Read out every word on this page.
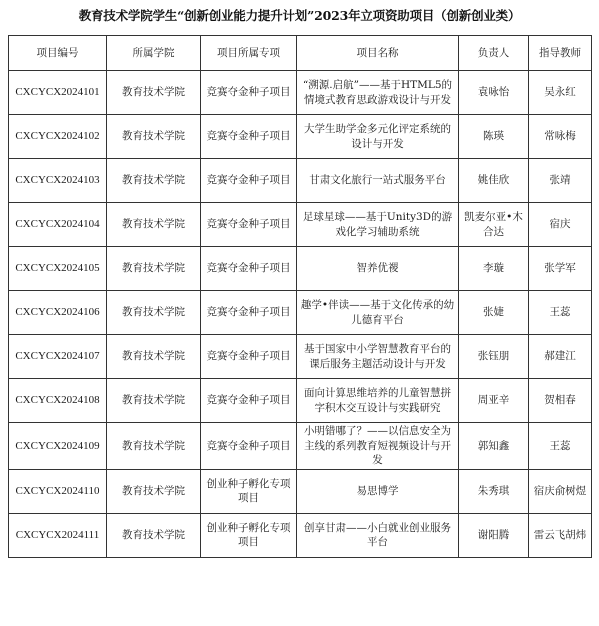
教育技术学院学生“创新创业能力提升计划”2023年立项资助项目（创新创业类）
项目编号	所属学院	项目所属专项	项目名称	负责人	指导教师
CXCYCX2024101	教育技术学院	竞赛夺金种子项目	“溯源.启航”——基于HTML5的情境式教育思政游戏设计与开发	袁咏怡	吴永红
CXCYCX2024102	教育技术学院	竞赛夺金种子项目	大学生助学金多元化评定系统的设计与开发	陈瑛	常咏梅
CXCYCX2024103	教育技术学院	竞赛夺金种子项目	甘肃文化旅行一站式服务平台	姚佳欣	张靖
CXCYCX2024104	教育技术学院	竞赛夺金种子项目	足球星球——基于Unity3D的游戏化学习辅助系统	凯麦尔亚•木合达	宿庆
CXCYCX2024105	教育技术学院	竞赛夺金种子项目	智养优禝	李璇	张学军
CXCYCX2024106	教育技术学院	竞赛夺金种子项目	趣学•伴读——基于文化传承的幼儿德育平台	张婕	王蕊
CXCYCX2024107	教育技术学院	竞赛夺金种子项目	基于国家中小学智慧教育平台的课后服务主题活动设计与开发	张钰朋	郝建江
CXCYCX2024108	教育技术学院	竞赛夺金种子项目	面向计算思维培养的儿童智慧拼字积木交互设计与实践研究	周亚辛	贺相春
CXCYCX2024109	教育技术学院	竞赛夺金种子项目	小明错哪了？——以信息安全为主线的系列教育短视频设计与开发	郭知鑫	王蕊
CXCYCX2024110	教育技术学院	创业种子孵化专项项目	易思博学	朱秀琪	宿庆俞树煜
CXCYCX2024111	教育技术学院	创业种子孵化专项项目	创享甘肃——小白就业创业服务平台	谢阳腾	雷云飞胡炜
